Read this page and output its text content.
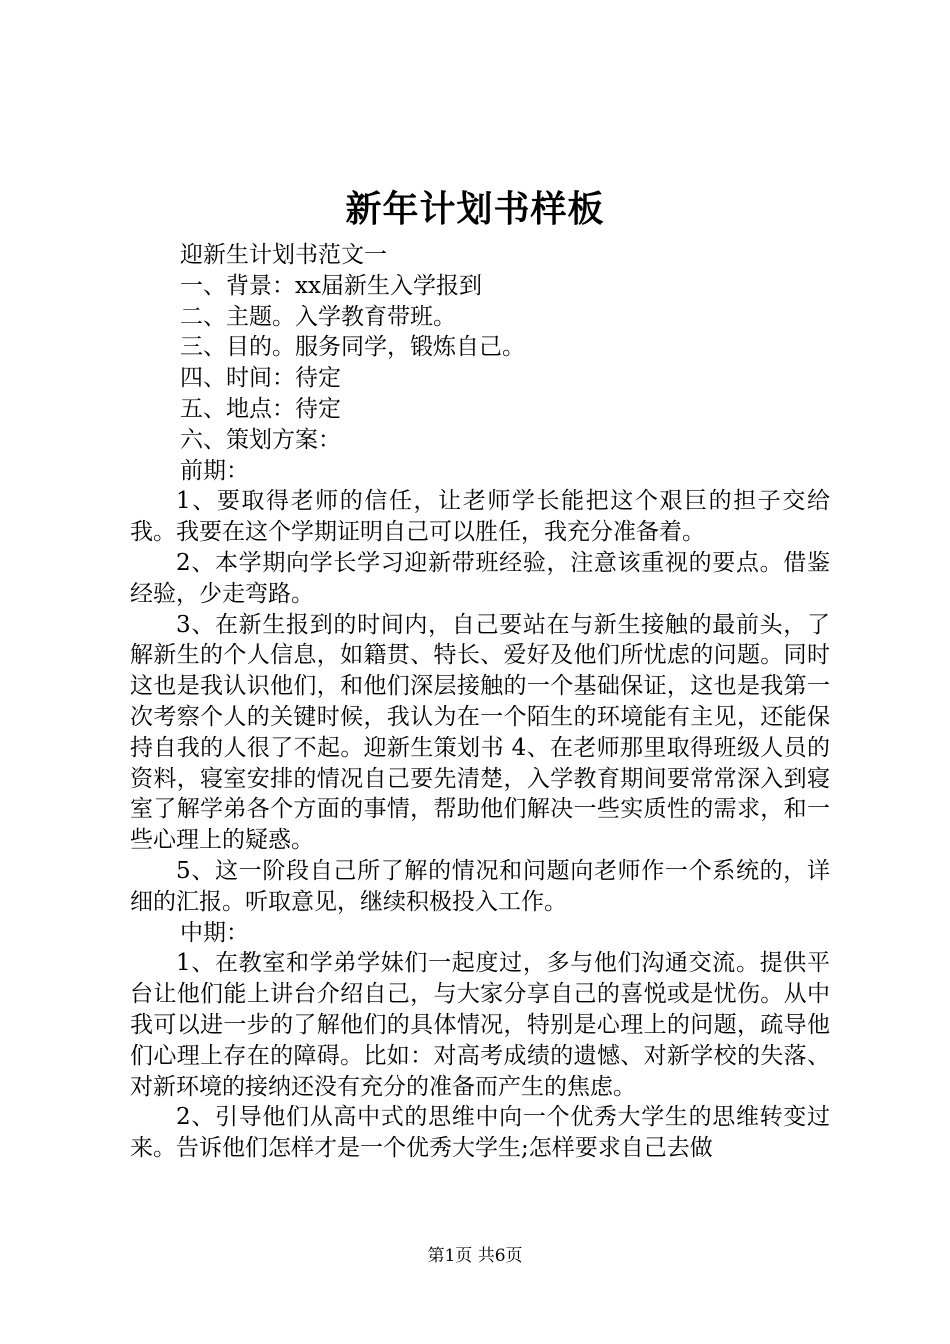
新年计划书样板

迎新生计划书范文一

一、背景：xx届新生入学报到

二、主题。入学教育带班。

三、目的。服务同学，锻炼自己。

四、时间：待定

五、地点：待定

六、策划方案：

前期：

1、要取得老师的信任，让老师学长能把这个艰巨的担子交给我。我要在这个学期证明自己可以胜任，我充分准备着。

2、本学期向学长学习迎新带班经验，注意该重视的要点。借鉴经验，少走弯路。

3、在新生报到的时间内，自己要站在与新生接触的最前头，了解新生的个人信息，如籍贯、特长、爱好及他们所忧虑的问题。同时这也是我认识他们，和他们深层接触的一个基础保证，这也是我第一次考察个人的关键时候，我认为在一个陌生的环境能有主见，还能保持自我的人很了不起。迎新生策划书 4、在老师那里取得班级人员的资料，寝室安排的情况自己要先清楚，入学教育期间要常常深入到寝室了解学弟各个方面的事情，帮助他们解决一些实质性的需求，和一些心理上的疑惑。

5、这一阶段自己所了解的情况和问题向老师作一个系统的，详细的汇报。听取意见，继续积极投入工作。

中期：

1、在教室和学弟学妹们一起度过，多与他们沟通交流。提供平台让他们能上讲台介绍自己，与大家分享自己的喜悦或是忧伤。从中我可以进一步的了解他们的具体情况，特别是心理上的问题，疏导他们心理上存在的障碍。比如：对高考成绩的遗憾、对新学校的失落、对新环境的接纳还没有充分的准备而产生的焦虑。

2、引导他们从高中式的思维中向一个优秀大学生的思维转变过来。告诉他们怎样才是一个优秀大学生;怎样要求自己去做

第1页 共6页
